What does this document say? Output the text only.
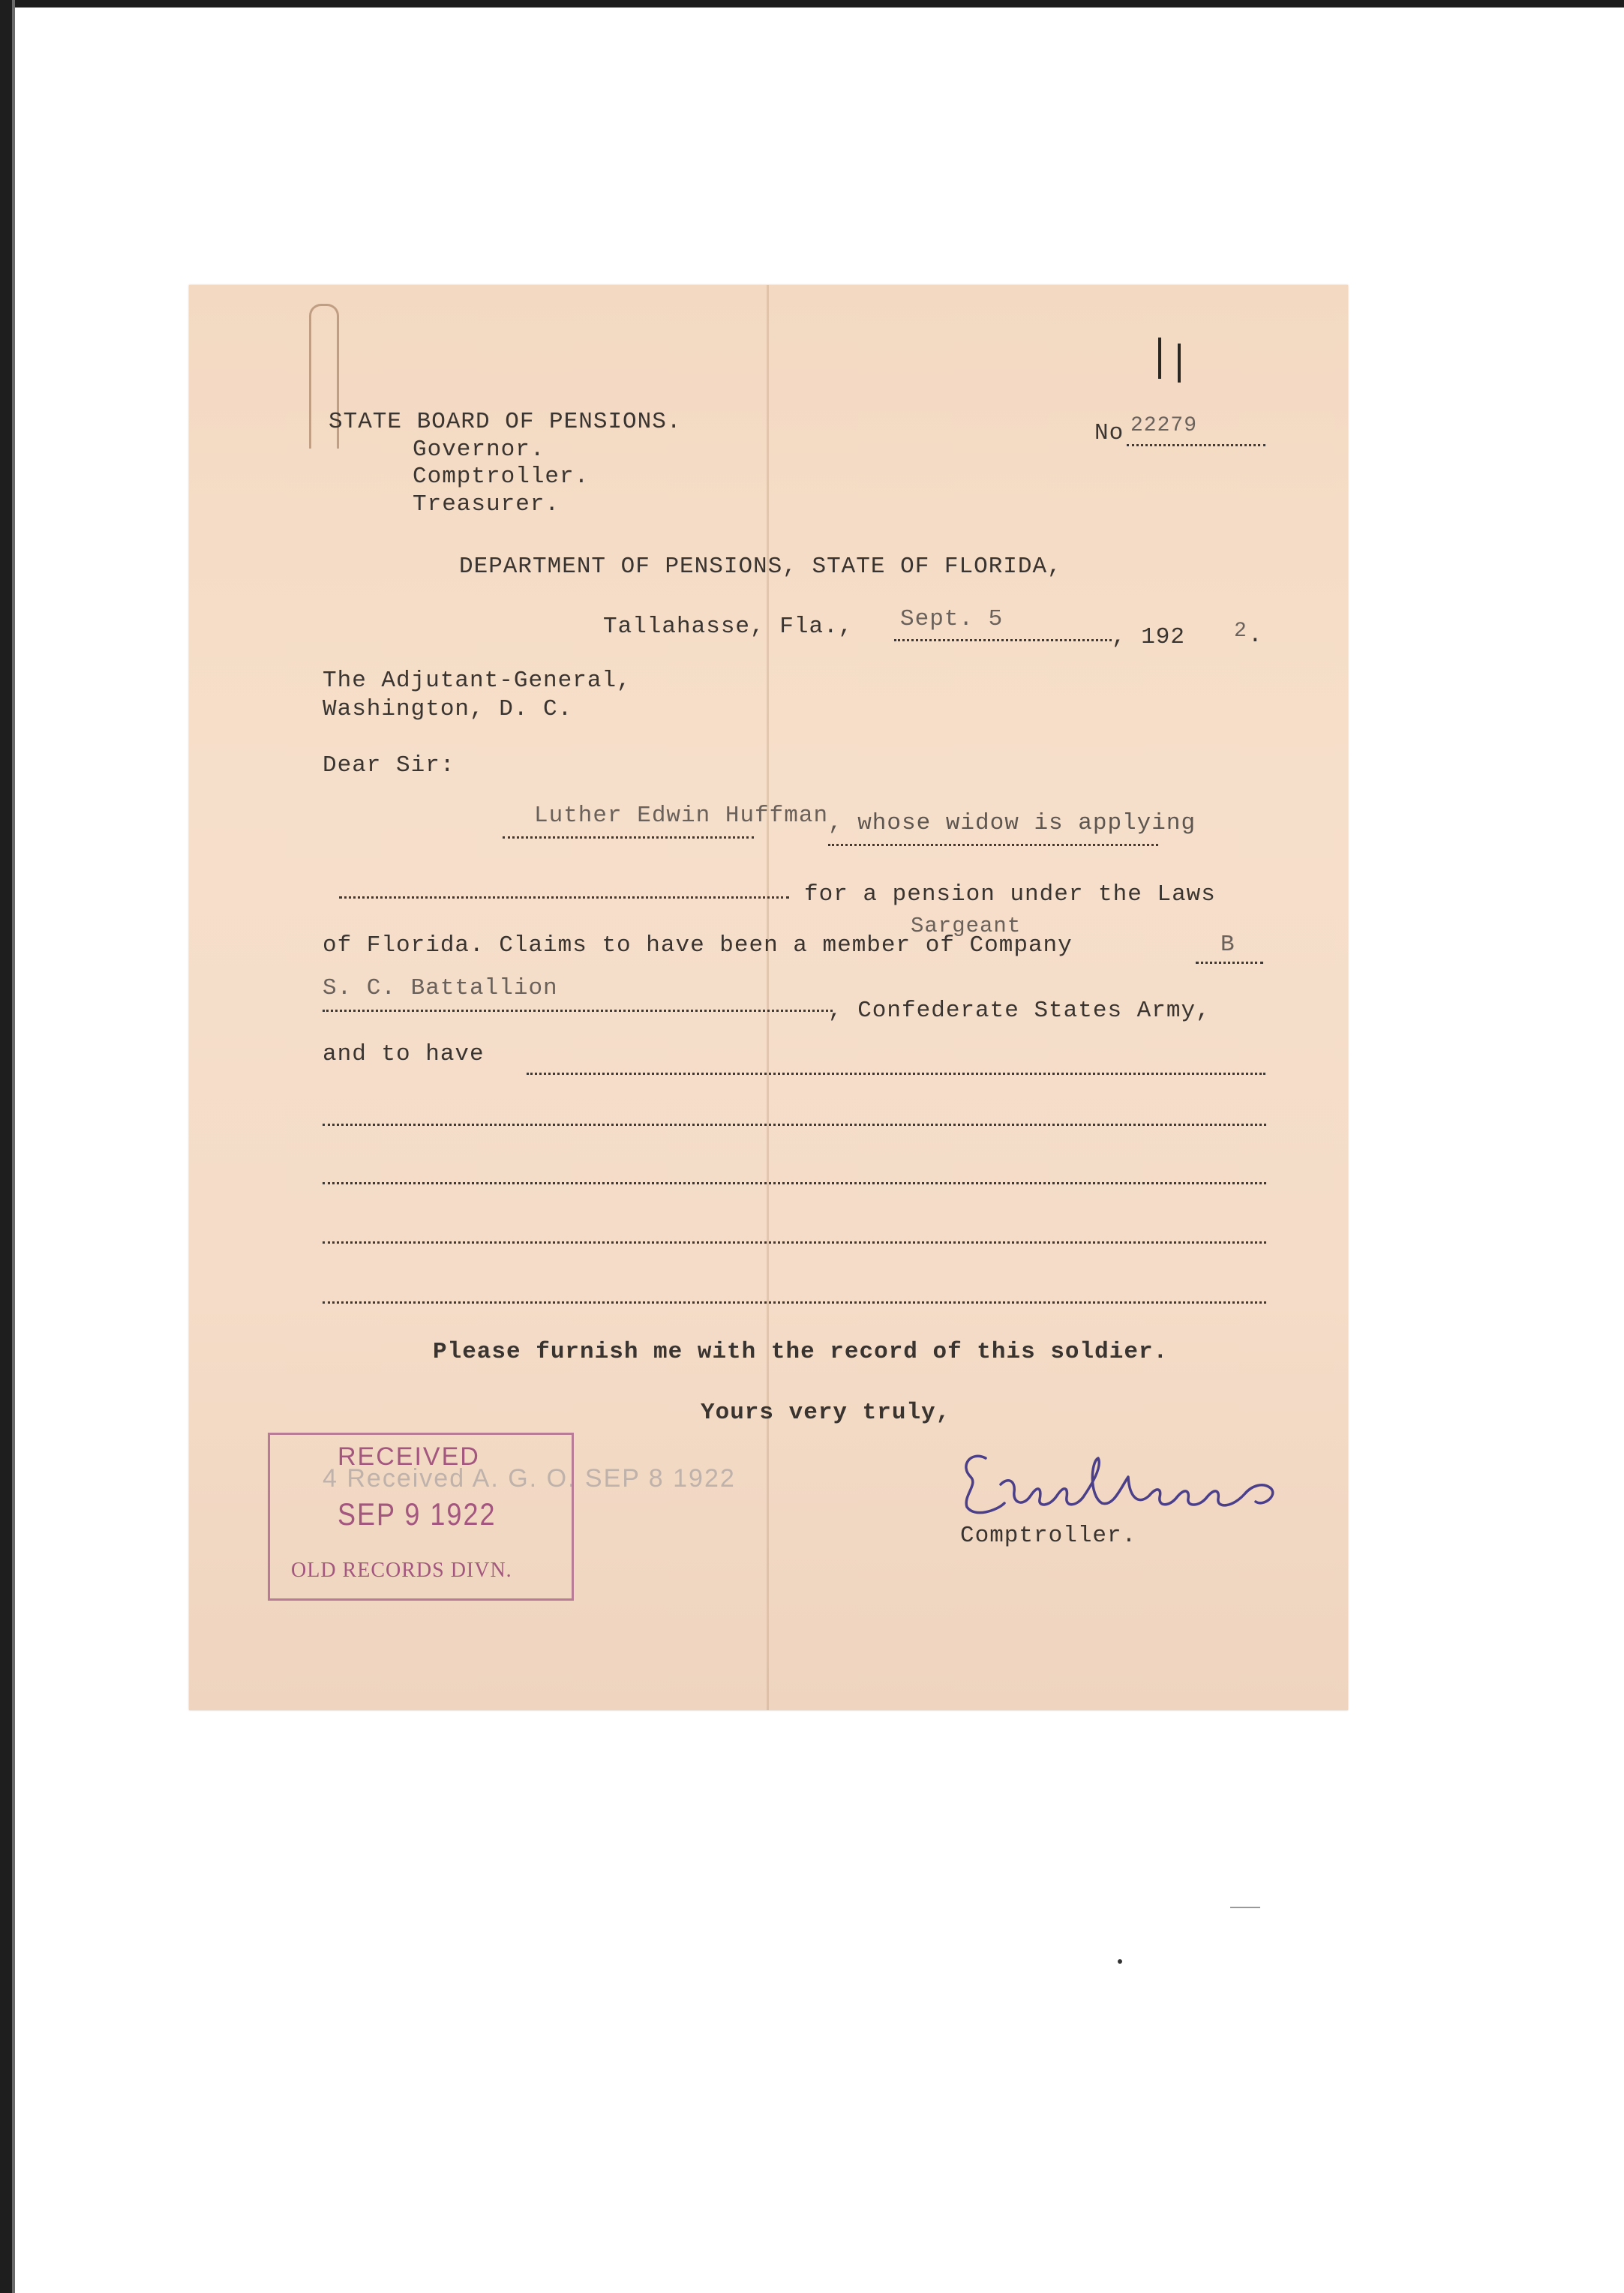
STATE BOARD OF PENSIONS.
Governor.
Comptroller.
Treasurer.
No 22279
DEPARTMENT OF PENSIONS, STATE OF FLORIDA,
Tallahasse, Fla., Sept. 5
, 192 2 .
The Adjutant-General,
Washington, D. C.
Dear Sir:
Luther Edwin Huffman , whose widow is applying
for a pension under the Laws
Sargeant
of Florida. Claims to have been a member of Company	B
S. C. Battallion
, Confederate States Army,
and to have
Please furnish me with the record of this soldier.
Yours very truly,
4 Received A. G. O. SEP 8 1922
RECEIVED
SEP 9 1922
OLD RECORDS DIVN.
Comptroller.
